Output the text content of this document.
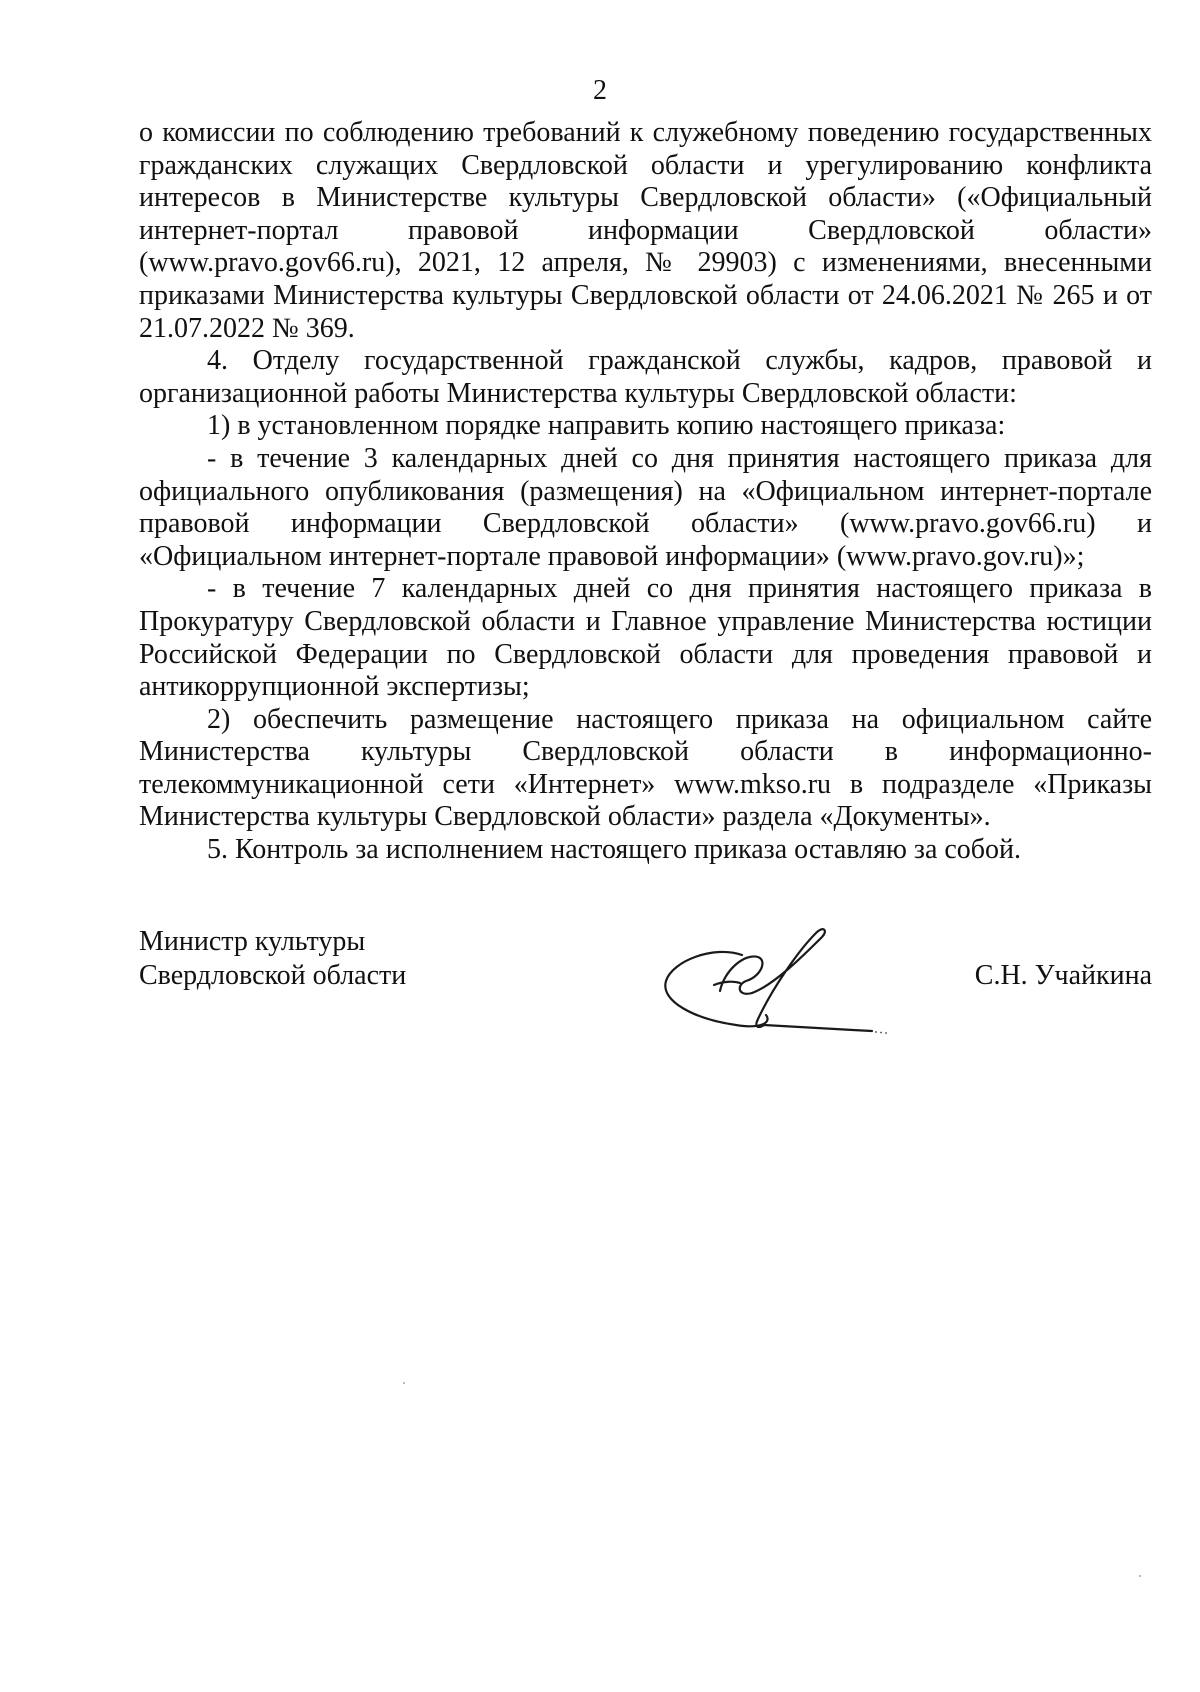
2

о комиссии по соблюдению требований к служебному поведению государственных гражданских служащих Свердловской области и урегулированию конфликта интересов в Министерстве культуры Свердловской области» («Официальный интернет-портал правовой информации Свердловской области» (www.pravo.gov66.ru), 2021, 12 апреля, № 29903) с изменениями, внесенными приказами Министерства культуры Свердловской области от 24.06.2021 № 265 и от 21.07.2022 № 369.

4. Отделу государственной гражданской службы, кадров, правовой и организационной работы Министерства культуры Свердловской области:

1) в установленном порядке направить копию настоящего приказа:

- в течение 3 календарных дней со дня принятия настоящего приказа для официального опубликования (размещения) на «Официальном интернет-портале правовой информации Свердловской области» (www.pravo.gov66.ru) и «Официальном интернет-портале правовой информации» (www.pravo.gov.ru)»;

- в течение 7 календарных дней со дня принятия настоящего приказа в Прокуратуру Свердловской области и Главное управление Министерства юстиции Российской Федерации по Свердловской области для проведения правовой и антикоррупционной экспертизы;

2) обеспечить размещение настоящего приказа на официальном сайте Министерства культуры Свердловской области в информационно-телекоммуникационной сети «Интернет» www.mkso.ru в подразделе «Приказы Министерства культуры Свердловской области» раздела «Документы».

5. Контроль за исполнением настоящего приказа оставляю за собой.

Министр культуры
Свердловской области	С.Н. Учайкина
